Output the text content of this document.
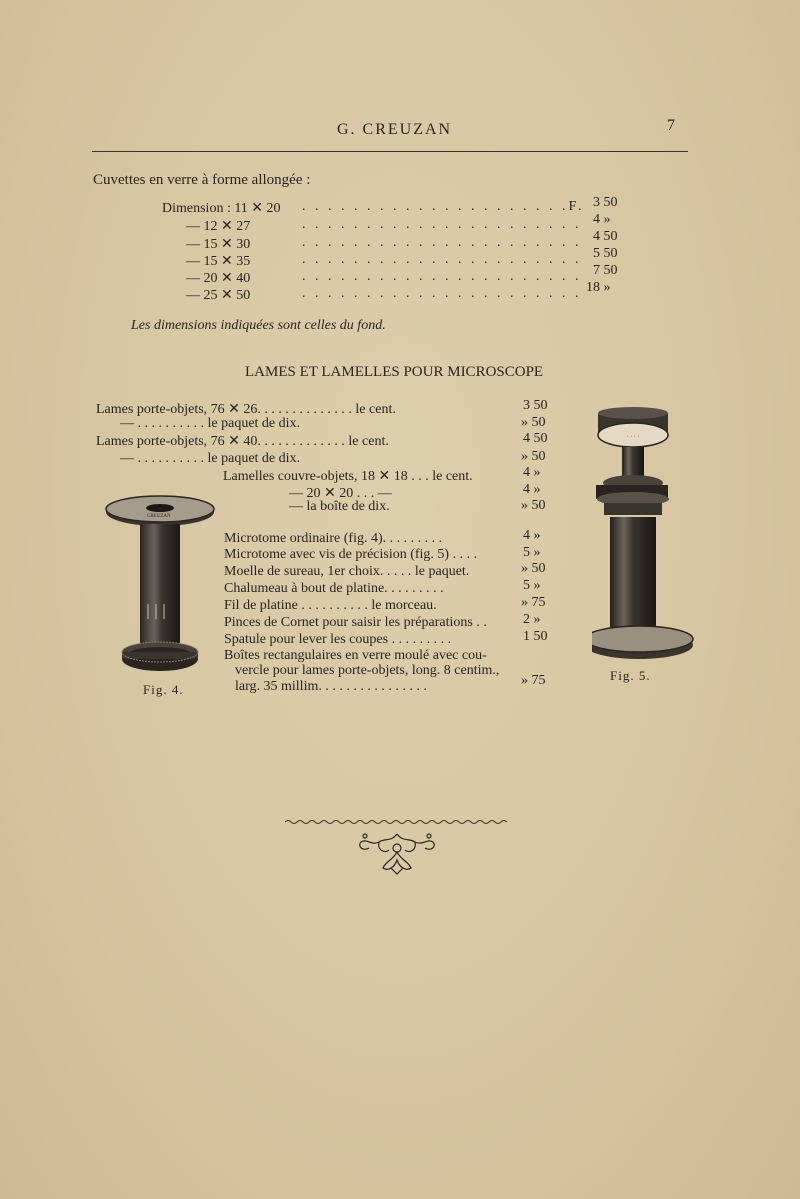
G. CREUZAN	7
Cuvettes en verre à forme allongée :
Dimension : 11 ✕ 20 . . . . . . . . . . . . . . . . . . . . .F. 3 50
— 12 ✕ 27	. . . . . . . . . . . . . . . . . . . . . . 4 »
— 15 ✕ 30	. . . . . . . . . . . . . . . . . . . . . . 4 50
— 15 ✕ 35	. . . . . . . . . . . . . . . . . . . . . . 5 50
— 20 ✕ 40	. . . . . . . . . . . . . . . . . . . . . . 7 50
— 25 ✕ 50	. . . . . . . . . . . . . . . . . . . . . . 18 »
Les dimensions indiquées sont celles du fond.
LAMES ET LAMELLES POUR MICROSCOPE
Lames porte-objets, 76 ✕ 26. . . . . . . . . . . . . . le cent.	3 50
— . . . . . . . . . . le paquet de dix.	» 50
Lames porte-objets, 76 ✕ 40. . . . . . . . . . . . . le cent.	4 50
— . . . . . . . . . . le paquet de dix.	» 50
Lamelles couvre-objets, 18 ✕ 18 . . . le cent.	4 »
— 20 ✕ 20 . . . —	4 »
— la boîte de dix.	» 50
Microtome ordinaire (fig. 4). . . . . . . . .	4 »
Microtome avec vis de précision (fig. 5) . . . .	5 »
Moelle de sureau, 1er choix. . . . . le paquet.	» 50
Chalumeau à bout de platine. . . . . . . . .	5 »
Fil de platine . . . . . . . . . . le morceau.	» 75
Pinces de Cornet pour saisir les préparations . .	2 »
Spatule pour lever les coupes . . . . . . . . .	1 50
Boîtes rectangulaires en verre moulé avec cou-
vercle pour lames porte-objets, long. 8 centim.,
larg. 35 millim. . . . . . . . . . . . . . . .	» 75
CREUZAN
Fig. 4.
· · · ·
Fig. 5.
